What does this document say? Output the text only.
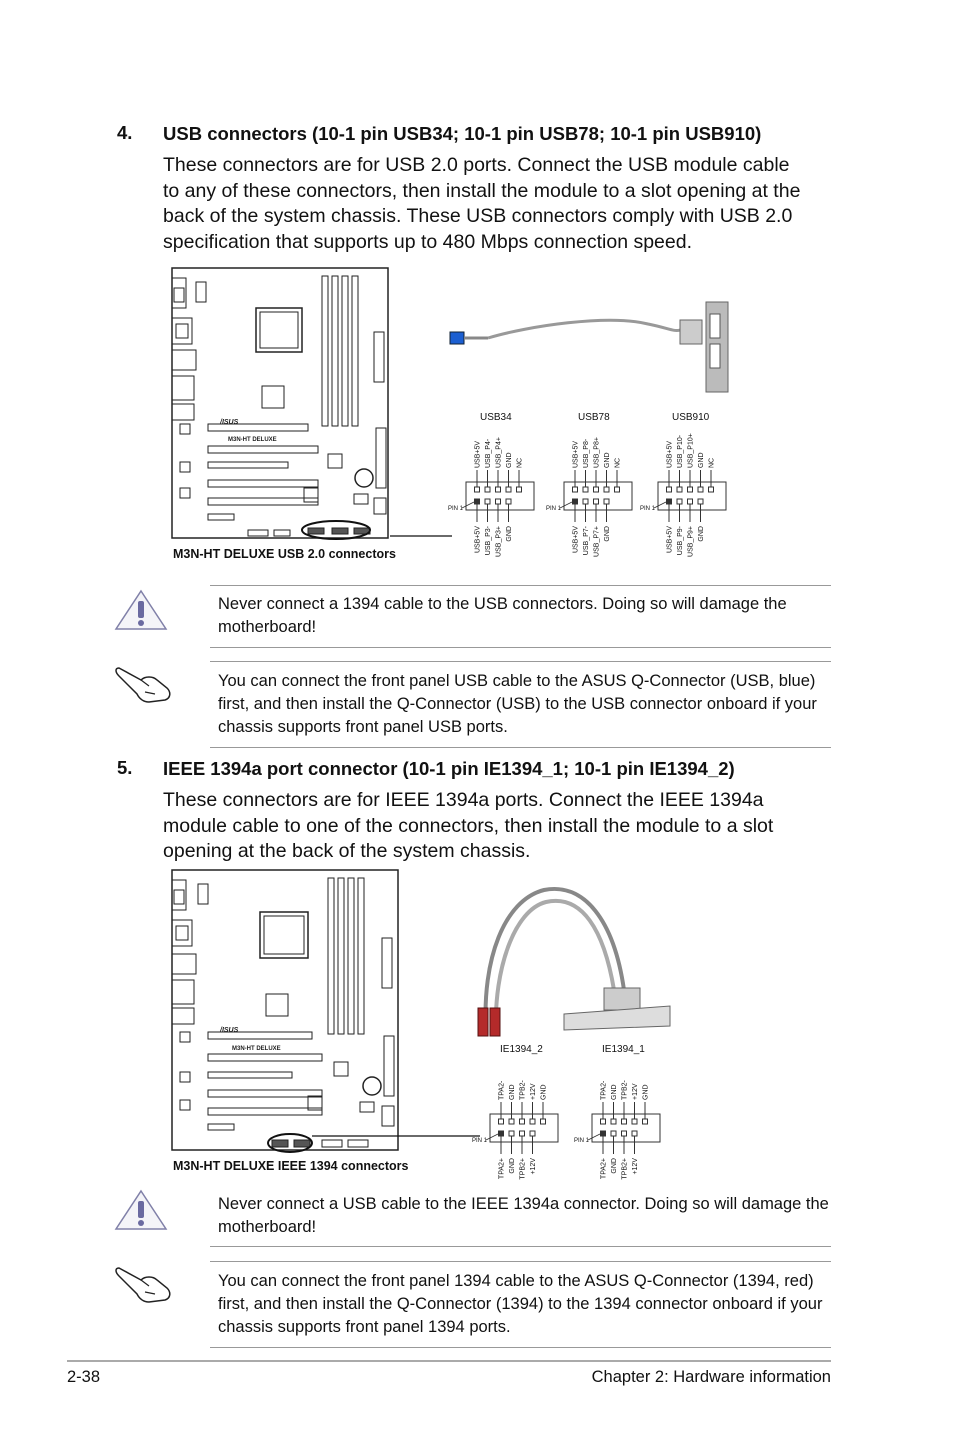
4. USB connectors (10-1 pin USB34; 10-1 pin USB78; 10-1 pin USB910)
These connectors are for USB 2.0 ports. Connect the USB module cable
to any of these connectors, then install the module to a slot opening at the
back of the system chassis. These USB connectors comply with USB 2.0
specification that supports up to 480 Mbps connection speed.
/ISUS
M3N-HT DELUXE
M3N-HT DELUXE USB 2.0 connectors
USB34
USB+5V USB_P4- USB_P4+ GND NC
USB+5V USB_P3- USB_P3+ GND
PIN 1
USB78
USB+5V USB_P8- USB_P8+ GND NC
USB+5V USB_P7- USB_P7+ GND
PIN 1
USB910
USB+5V USB_P10- USB_P10+ GND NC
USB+5V USB_P9- USB_P9+ GND
PIN 1
Never connect a 1394 cable to the USB connectors. Doing so will damage the motherboard!
You can connect the front panel USB cable to the ASUS Q-Connector (USB, blue) first, and then install the Q-Connector (USB) to the USB connector onboard if your chassis supports front panel USB ports.
5. IEEE 1394a port connector (10-1 pin IE1394_1; 10-1 pin IE1394_2)
These connectors are for IEEE 1394a ports. Connect the IEEE 1394a
module cable to one of the connectors, then install the module to a slot
opening at the back of the system chassis.
/ISUS
M3N-HT DELUXE
M3N-HT DELUXE IEEE 1394 connectors
IE1394_2
TPA2- GND TPB2- +12V GND
TPA2+ GND TPB2+ +12V
PIN 1
IE1394_1
TPA2- GND TPB2- +12V GND
TPA2+ GND TPB2+ +12V
PIN 1
Never connect a USB cable to the IEEE 1394a connector. Doing so will damage the motherboard!
You can connect the front panel 1394 cable to the ASUS Q-Connector (1394, red) first, and then install the Q-Connector (1394) to the 1394 connector onboard if your chassis supports front panel 1394 ports.
2-38	Chapter 2: Hardware information
